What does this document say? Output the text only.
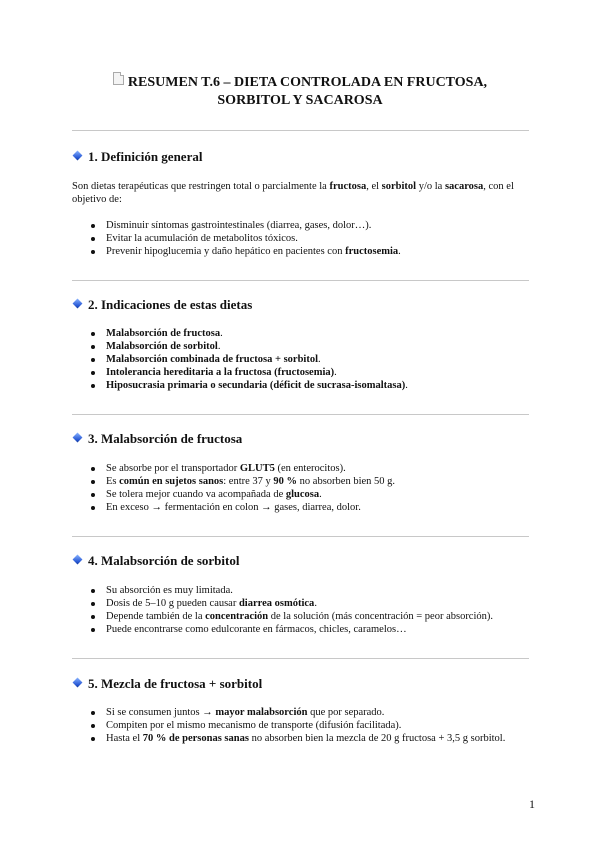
RESUMEN T.6 – DIETA CONTROLADA EN FRUCTOSA,
SORBITOL Y SACAROSA
1. Definición general
Son dietas terapéuticas que restringen total o parcialmente la fructosa, el sorbitol y/o la sacarosa, con el objetivo de:
Disminuir síntomas gastrointestinales (diarrea, gases, dolor…).
Evitar la acumulación de metabolitos tóxicos.
Prevenir hipoglucemia y daño hepático en pacientes con fructosemia.
2. Indicaciones de estas dietas
Malabsorción de fructosa.
Malabsorción de sorbitol.
Malabsorción combinada de fructosa + sorbitol.
Intolerancia hereditaria a la fructosa (fructosemia).
Hiposucrasia primaria o secundaria (déficit de sucrasa-isomaltasa).
3. Malabsorción de fructosa
Se absorbe por el transportador GLUT5 (en enterocitos).
Es común en sujetos sanos: entre 37 y 90 % no absorben bien 50 g.
Se tolera mejor cuando va acompañada de glucosa.
En exceso → fermentación en colon → gases, diarrea, dolor.
4. Malabsorción de sorbitol
Su absorción es muy limitada.
Dosis de 5–10 g pueden causar diarrea osmótica.
Depende también de la concentración de la solución (más concentración = peor absorción).
Puede encontrarse como edulcorante en fármacos, chicles, caramelos…
5. Mezcla de fructosa + sorbitol
Si se consumen juntos → mayor malabsorción que por separado.
Compiten por el mismo mecanismo de transporte (difusión facilitada).
Hasta el 70 % de personas sanas no absorben bien la mezcla de 20 g fructosa + 3,5 g sorbitol.
1
